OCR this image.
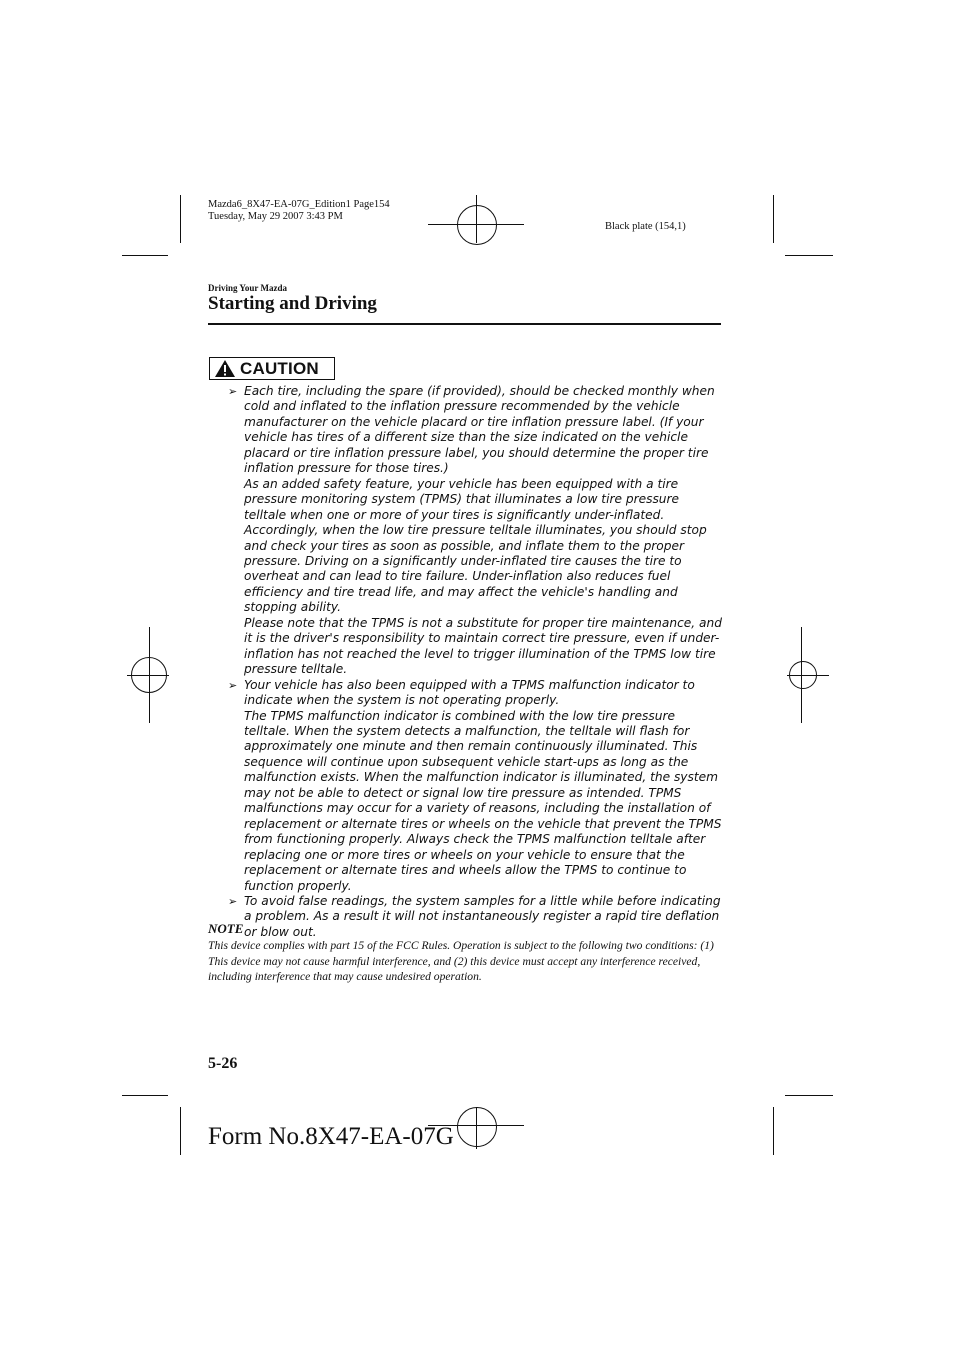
Mazda6_8X47-EA-07G_Edition1 Page154
Tuesday, May 29 2007 3:43 PM
Black plate (154,1)
Driving Your Mazda
Starting and Driving
CAUTION
➢ Each tire, including the spare (if provided), should be checked monthly when cold and inflated to the inflation pressure recommended by the vehicle manufacturer on the vehicle placard or tire inflation pressure label. (If your vehicle has tires of a different size than the size indicated on the vehicle placard or tire inflation pressure label, you should determine the proper tire inflation pressure for those tires.)

As an added safety feature, your vehicle has been equipped with a tire pressure monitoring system (TPMS) that illuminates a low tire pressure telltale when one or more of your tires is significantly under-inflated. Accordingly, when the low tire pressure telltale illuminates, you should stop and check your tires as soon as possible, and inflate them to the proper pressure. Driving on a significantly under-inflated tire causes the tire to overheat and can lead to tire failure. Under-inflation also reduces fuel efficiency and tire tread life, and may affect the vehicle's handling and stopping ability.

Please note that the TPMS is not a substitute for proper tire maintenance, and it is the driver's responsibility to maintain correct tire pressure, even if under-inflation has not reached the level to trigger illumination of the TPMS low tire pressure telltale.

➢ Your vehicle has also been equipped with a TPMS malfunction indicator to indicate when the system is not operating properly.

The TPMS malfunction indicator is combined with the low tire pressure telltale. When the system detects a malfunction, the telltale will flash for approximately one minute and then remain continuously illuminated. This sequence will continue upon subsequent vehicle start-ups as long as the malfunction exists. When the malfunction indicator is illuminated, the system may not be able to detect or signal low tire pressure as intended. TPMS malfunctions may occur for a variety of reasons, including the installation of replacement or alternate tires or wheels on the vehicle that prevent the TPMS from functioning properly. Always check the TPMS malfunction telltale after replacing one or more tires or wheels on your vehicle to ensure that the replacement or alternate tires and wheels allow the TPMS to continue to function properly.

➢ To avoid false readings, the system samples for a little while before indicating a problem. As a result it will not instantaneously register a rapid tire deflation or blow out.

NOTE
This device complies with part 15 of the FCC Rules. Operation is subject to the following two conditions: (1) This device may not cause harmful interference, and (2) this device must accept any interference received, including interference that may cause undesired operation.
5-26
Form No.8X47-EA-07G
